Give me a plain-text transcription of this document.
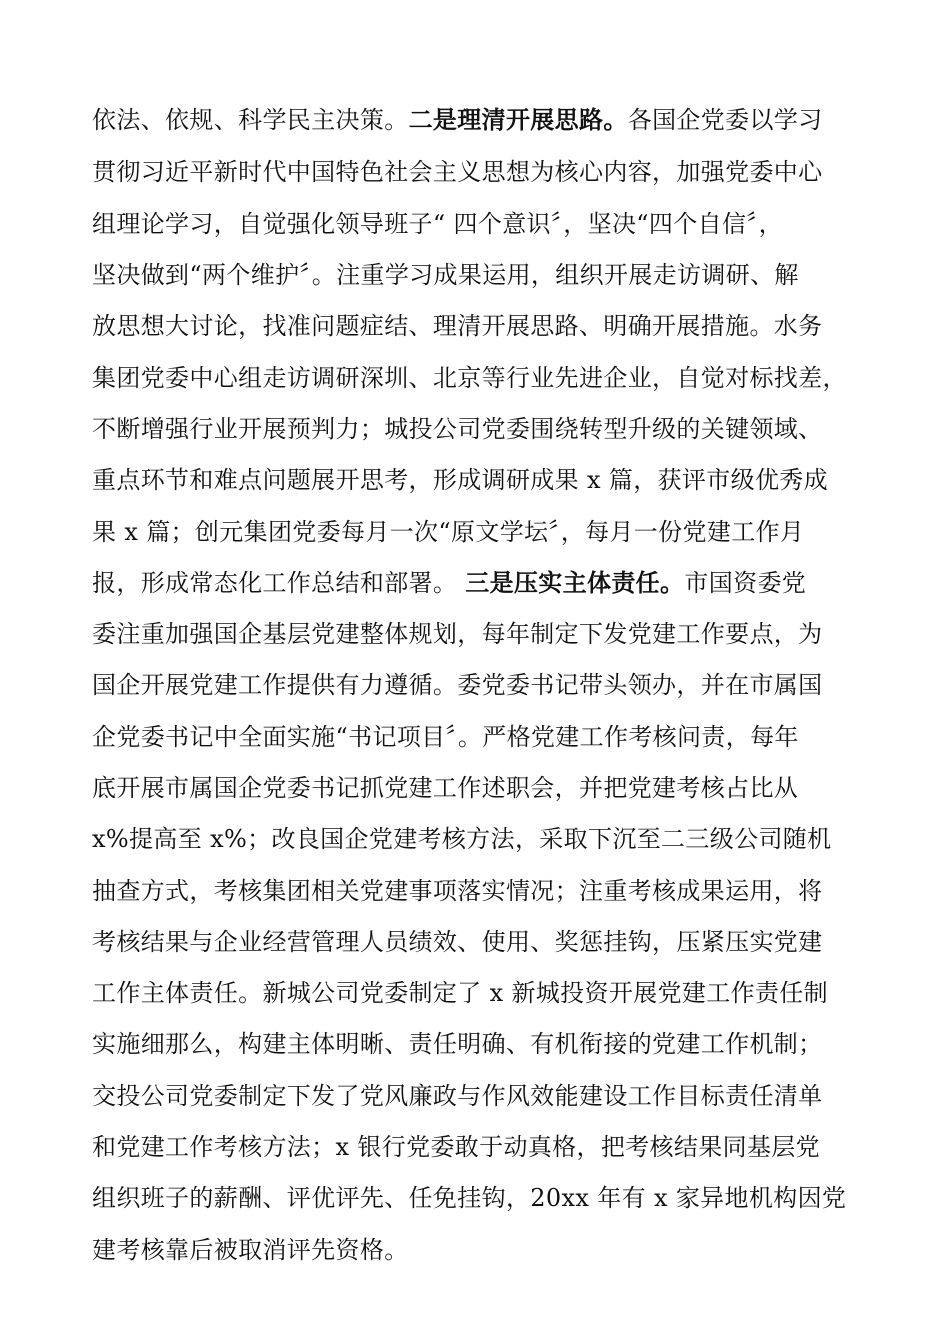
依法、依规、科学民主决策。二是理清开展思路。各国企党委以学习
贯彻习近平新时代中国特色社会主义思想为核心内容，加强党委中心
组理论学习，自觉强化领导班子“ 四个意识〞，坚决“四个自信〞，
坚决做到“两个维护〞。注重学习成果运用，组织开展走访调研、解
放思想大讨论，找准问题症结、理清开展思路、明确开展措施。水务
集团党委中心组走访调研深圳、北京等行业先进企业，自觉对标找差，
不断增强行业开展预判力；城投公司党委围绕转型升级的关键领域、
重点环节和难点问题展开思考，形成调研成果 x 篇，获评市级优秀成
果 x 篇；创元集团党委每月一次“原文学坛〞，每月一份党建工作月
报，形成常态化工作总结和部署。 三是压实主体责任。市国资委党
委注重加强国企基层党建整体规划，每年制定下发党建工作要点，为
国企开展党建工作提供有力遵循。委党委书记带头领办，并在市属国
企党委书记中全面实施“书记项目〞。严格党建工作考核问责，每年
底开展市属国企党委书记抓党建工作述职会，并把党建考核占比从
x%提高至 x%；改良国企党建考核方法，采取下沉至二三级公司随机
抽查方式，考核集团相关党建事项落实情况；注重考核成果运用，将
考核结果与企业经营管理人员绩效、使用、奖惩挂钩，压紧压实党建
工作主体责任。新城公司党委制定了 x 新城投资开展党建工作责任制
实施细那么，构建主体明晰、责任明确、有机衔接的党建工作机制；
交投公司党委制定下发了党风廉政与作风效能建设工作目标责任清单
和党建工作考核方法；x 银行党委敢于动真格，把考核结果同基层党
组织班子的薪酬、评优评先、任免挂钩，20xx 年有 x 家异地机构因党
建考核靠后被取消评先资格。
